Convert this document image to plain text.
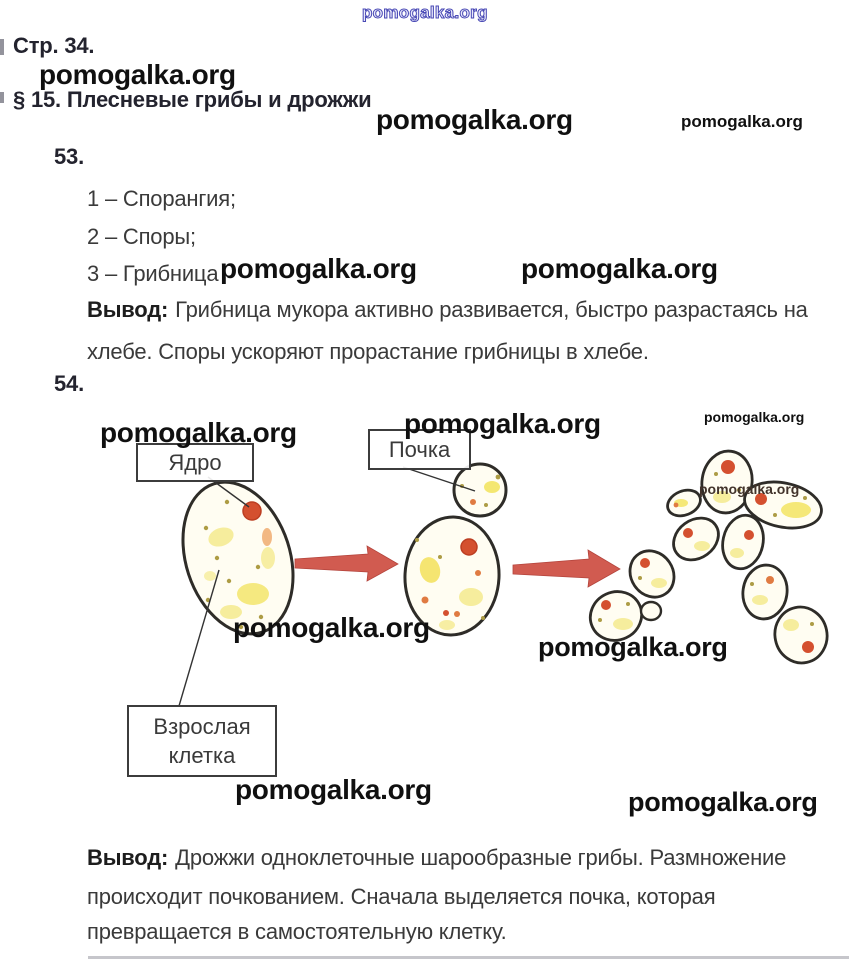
pomogalka.org
pomogalka.org
pomogalka.org	pomogalka.org
pomogalka.org	pomogalka.org
pomogalka.org	pomogalka.org	pomogalka.org
pomogalka.org
pomogalka.org
pomogalka.org
pomogalka.org	pomogalka.org
Стр. 34.
§ 15. Плесневые грибы и дрожжи
53.
1 – Спорангия;
2 – Споры;
3 – Грибница
Вывод: Грибница мукора активно развивается, быстро разрастаясь на
хлебе. Споры ускоряют прорастание грибницы в хлебе.
54.
Ядро
Почка
Взрослая
клетка
Вывод: Дрожжи одноклеточные шарообразные грибы. Размножение
происходит почкованием. Сначала выделяется почка, которая
превращается в самостоятельную клетку.
